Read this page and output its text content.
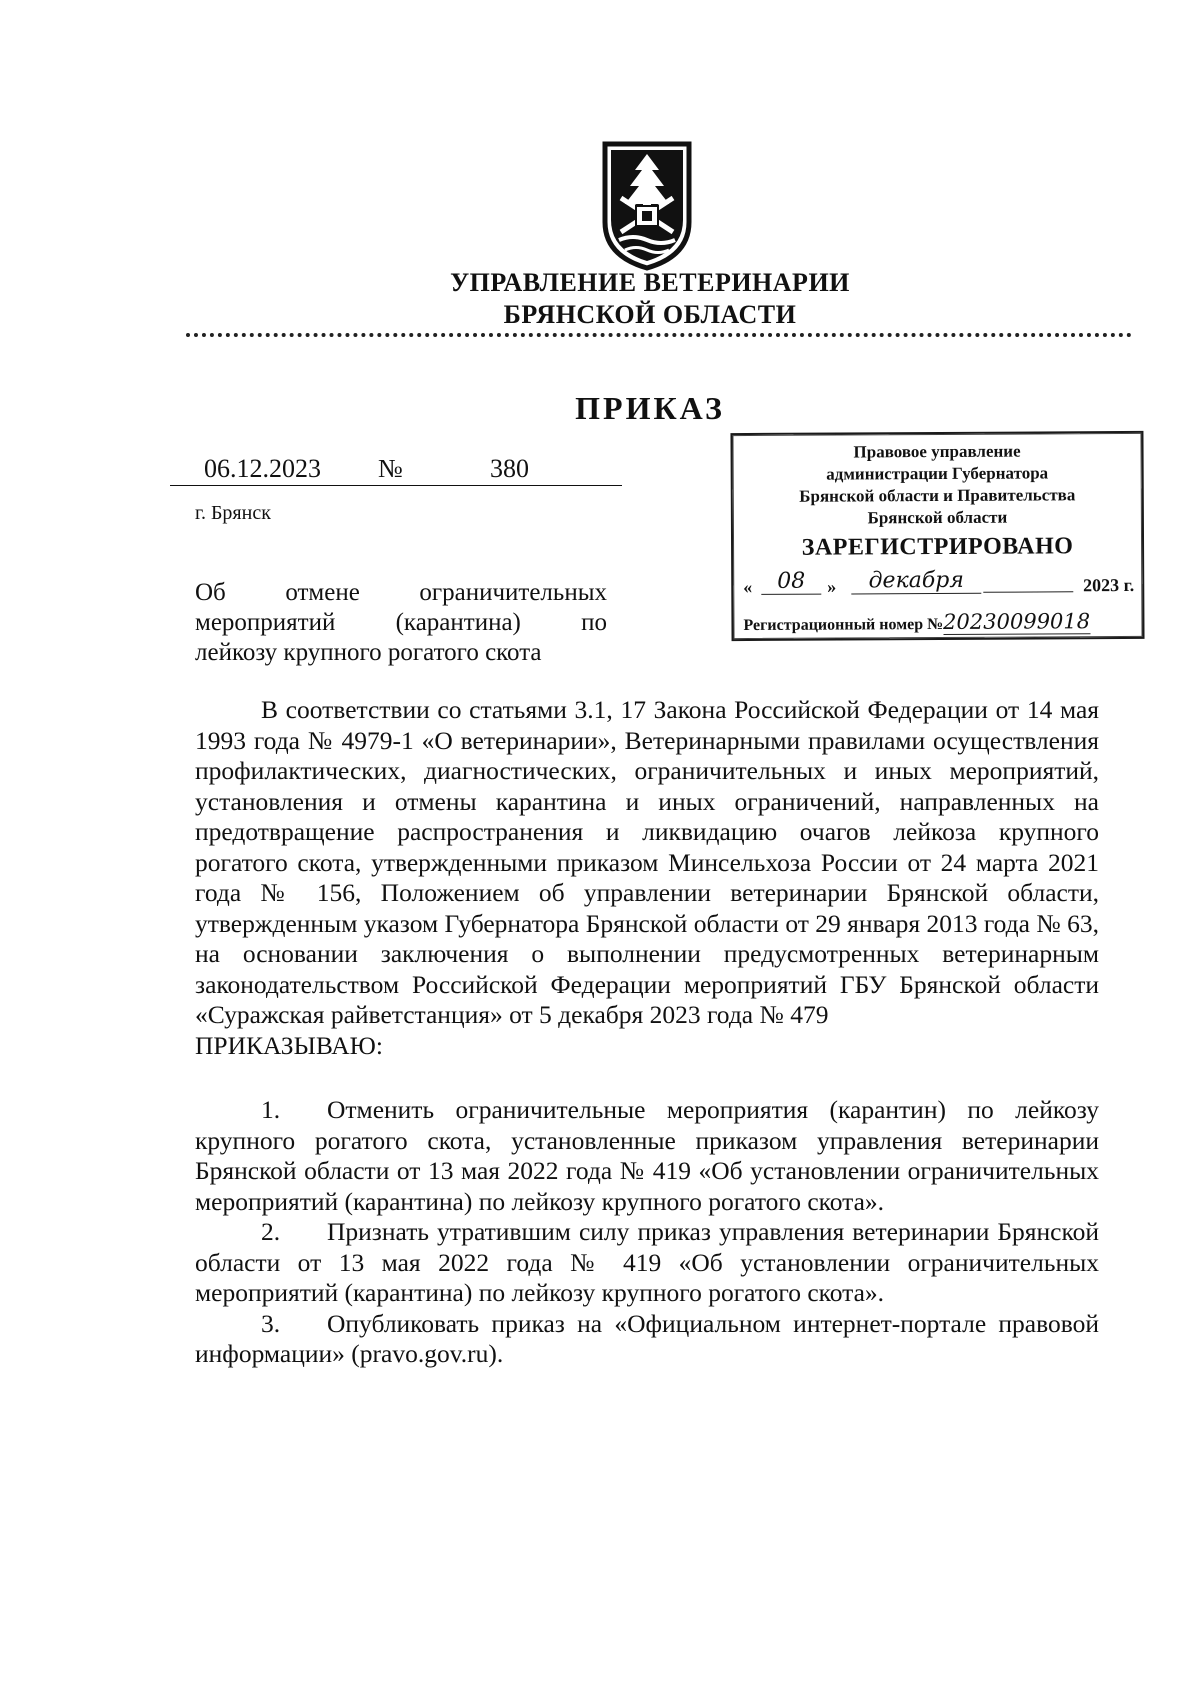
УПРАВЛЕНИЕ ВЕТЕРИНАРИИ
БРЯНСКОЙ ОБЛАСТИ
ПРИКАЗ
06.12.2023 №	380
г. Брянск
Об отмене ограничительных
мероприятий (карантина) по
лейкозу крупного рогатого скота
Правовое управление
администрации Губернатора
Брянской области и Правительства
Брянской области
ЗАРЕГИСТРИРОВАНО
«	08	»	декабря	2023 г.
Регистрационный номер №20230099018

В соответствии со статьями 3.1, 17 Закона Российской Федерации от 14 мая 1993 года № 4979-1 «О ветеринарии», Ветеринарными правилами осуществления профилактических, диагностических, ограничительных и иных мероприятий, установления и отмены карантина и иных ограничений, направленных на предотвращение распространения и ликвидацию очагов лейкоза крупного рогатого скота, утвержденными приказом Минсельхоза России от 24 марта 2021 года № 156, Положением об управлении ветеринарии Брянской области, утвержденным указом Губернатора Брянской области от 29 января 2013 года № 63, на основании заключения о выполнении предусмотренных ветеринарным законодательством Российской Федерации мероприятий ГБУ Брянской области «Суражская райветстанция» от 5 декабря 2023 года № 479

ПРИКАЗЫВАЮ:

1. Отменить ограничительные мероприятия (карантин) по лейкозу крупного рогатого скота, установленные приказом управления ветеринарии Брянской области от 13 мая 2022 года № 419 «Об установлении ограничительных мероприятий (карантина) по лейкозу крупного рогатого скота».

2. Признать утратившим силу приказ управления ветеринарии Брянской области от 13 мая 2022 года № 419 «Об установлении ограничительных мероприятий (карантина) по лейкозу крупного рогатого скота».

3. Опубликовать приказ на «Официальном интернет-портале правовой информации» (pravo.gov.ru).
